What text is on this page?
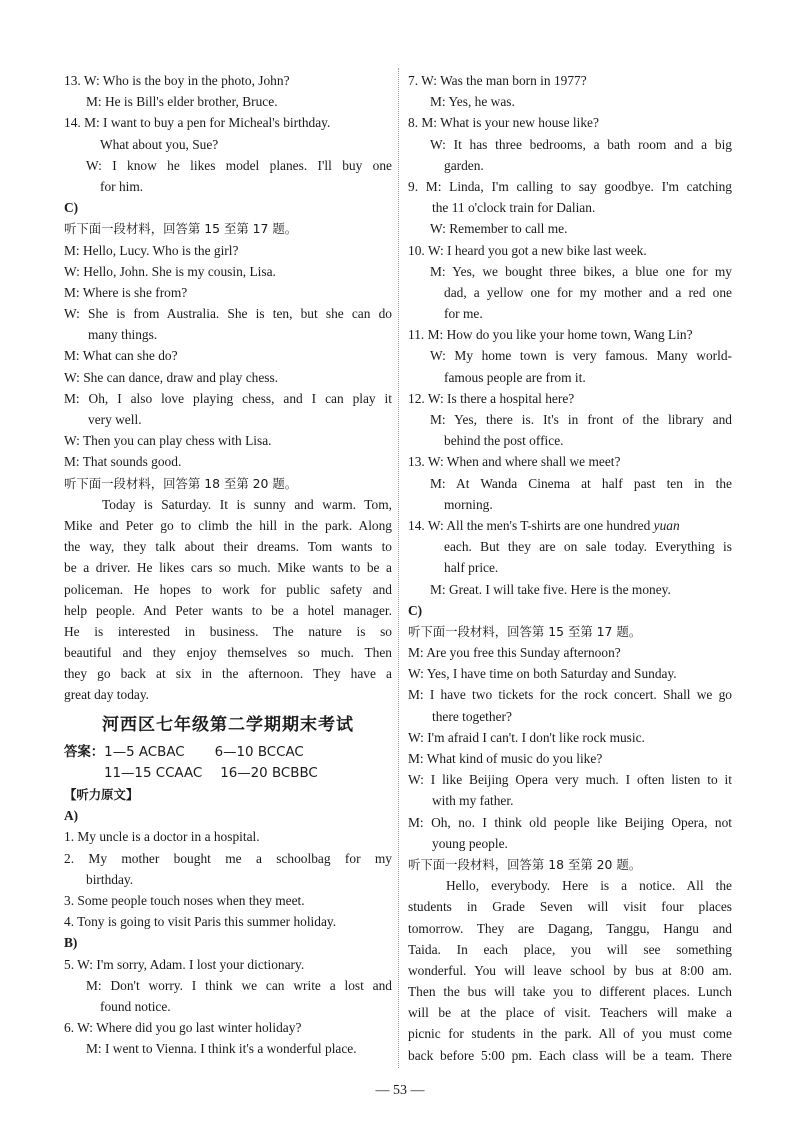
13. W: Who is the boy in the photo, John?
M: He is Bill's elder brother, Bruce.
14. M: I want to buy a pen for Micheal's birthday.
What about you, Sue?
W: I know he likes model planes. I'll buy one
for him.
C)
听下面一段材料，回答第 15 至第 17 题。
M: Hello, Lucy. Who is the girl?
W: Hello, John. She is my cousin, Lisa.
M: Where is she from?
W: She is from Australia. She is ten, but she can do
many things.
M: What can she do?
W: She can dance, draw and play chess.
M: Oh, I also love playing chess, and I can play it
very well.
W: Then you can play chess with Lisa.
M: That sounds good.
听下面一段材料，回答第 18 至第 20 题。
Today is Saturday. It is sunny and warm. Tom,
Mike and Peter go to climb the hill in the park. Along
the way, they talk about their dreams. Tom wants to
be a driver. He likes cars so much. Mike wants to be a
policeman. He hopes to work for public safety and
help people. And Peter wants to be a hotel manager.
He is interested in business. The nature is so
beautiful and they enjoy themselves so much. Then
they go back at six in the afternoon. They have a
great day today.
河西区七年级第二学期期末考试
答案：1—5 ACBAC 6—10 BCCAC
11—15 CCAAC 16—20 BCBBC
【听力原文】
A)
1. My uncle is a doctor in a hospital.
2. My mother bought me a schoolbag for my
birthday.
3. Some people touch noses when they meet.
4. Tony is going to visit Paris this summer holiday.
B)
5. W: I'm sorry, Adam. I lost your dictionary.
M: Don't worry. I think we can write a lost and
found notice.
6. W: Where did you go last winter holiday?
M: I went to Vienna. I think it's a wonderful place.
7. W: Was the man born in 1977?
M: Yes, he was.
8. M: What is your new house like?
W: It has three bedrooms, a bath room and a big
garden.
9. M: Linda, I'm calling to say goodbye. I'm catching
the 11 o'clock train for Dalian.
W: Remember to call me.
10. W: I heard you got a new bike last week.
M: Yes, we bought three bikes, a blue one for my
dad, a yellow one for my mother and a red one
for me.
11. M: How do you like your home town, Wang Lin?
W: My home town is very famous. Many world-
famous people are from it.
12. W: Is there a hospital here?
M: Yes, there is. It's in front of the library and
behind the post office.
13. W: When and where shall we meet?
M: At Wanda Cinema at half past ten in the
morning.
14. W: All the men's T-shirts are one hundred yuan
each. But they are on sale today. Everything is
half price.
M: Great. I will take five. Here is the money.
C)
听下面一段材料，回答第 15 至第 17 题。
M: Are you free this Sunday afternoon?
W: Yes, I have time on both Saturday and Sunday.
M: I have two tickets for the rock concert. Shall we go
there together?
W: I'm afraid I can't. I don't like rock music.
M: What kind of music do you like?
W: I like Beijing Opera very much. I often listen to it
with my father.
M: Oh, no. I think old people like Beijing Opera, not
young people.
听下面一段材料，回答第 18 至第 20 题。
Hello, everybody. Here is a notice. All the
students in Grade Seven will visit four places
tomorrow. They are Dagang, Tanggu, Hangu and
Taida. In each place, you will see something
wonderful. You will leave school by bus at 8:00 am.
Then the bus will take you to different places. Lunch
will be at the place of visit. Teachers will make a
picnic for students in the park. All of you must come
back before 5:00 pm. Each class will be a team. There
— 53 —
